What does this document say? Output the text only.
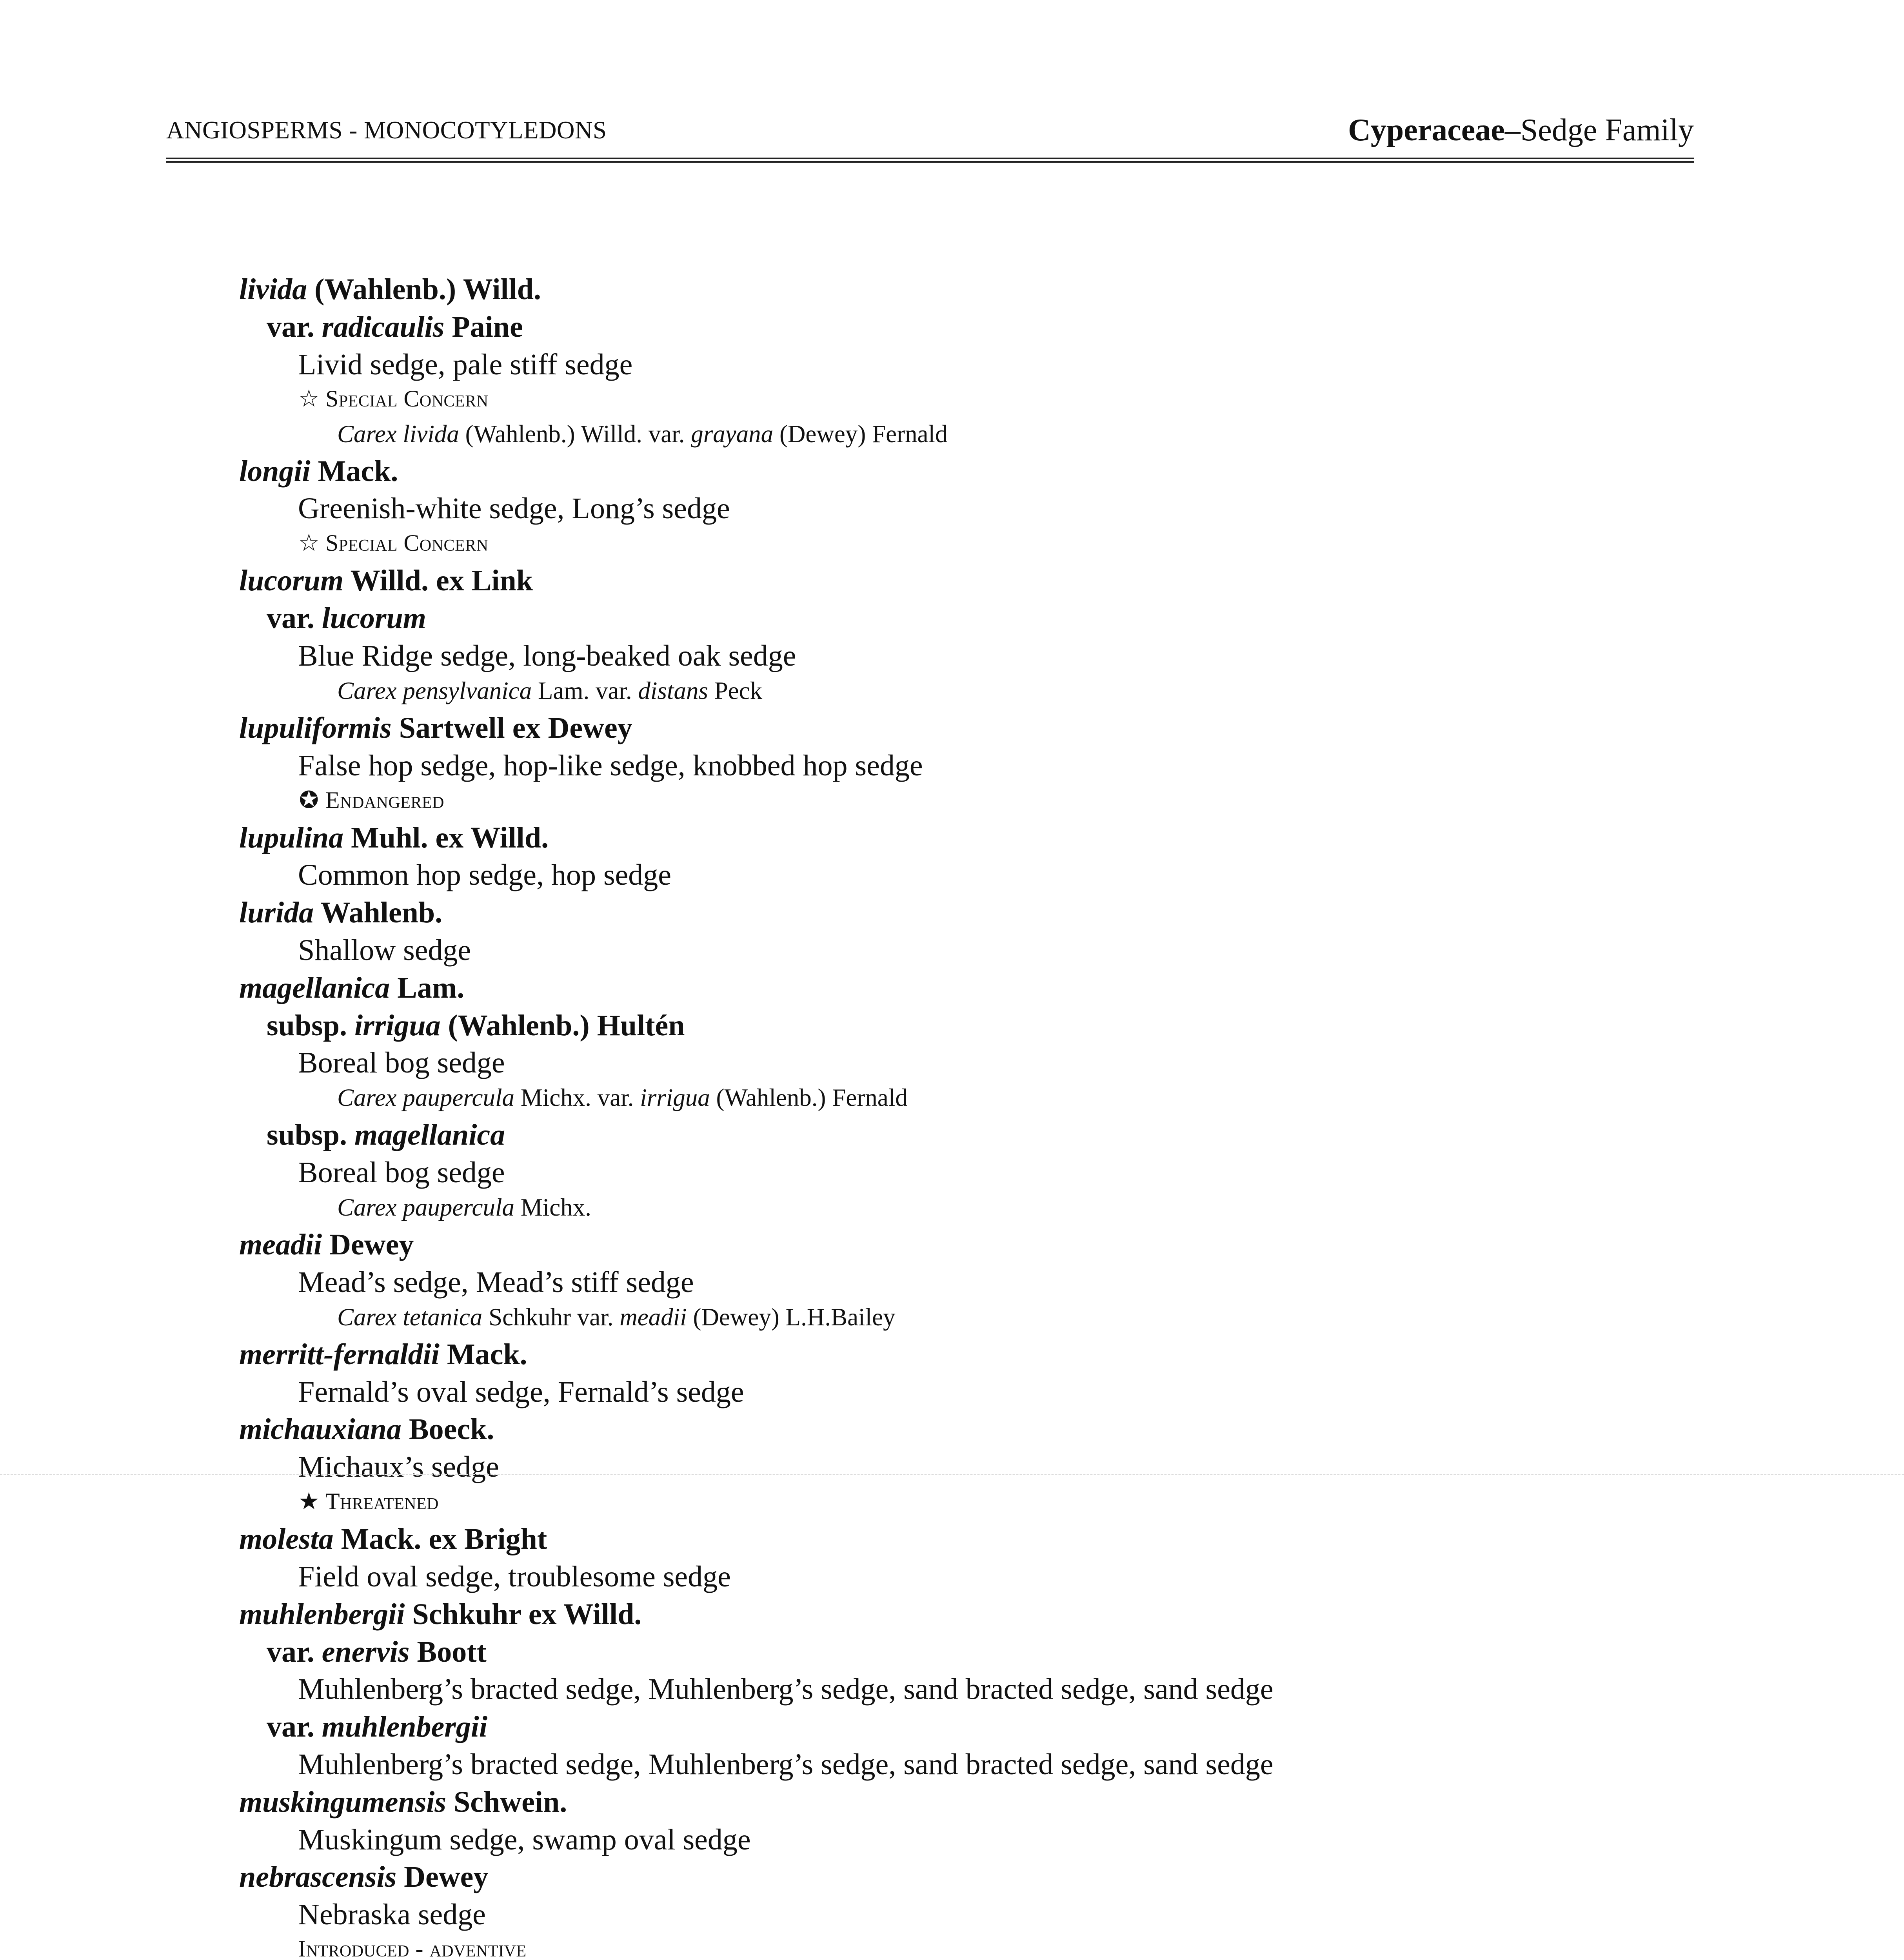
ANGIOSPERMS - MONOCOTYLEDONS	Cyperaceae–Sedge Family
livida (Wahlenb.) Willd.
var. radicaulis Paine
Livid sedge, pale stiff sedge
☆ Special Concern
Carex livida (Wahlenb.) Willd. var. grayana (Dewey) Fernald
longii Mack.
Greenish-white sedge, Long’s sedge
☆ Special Concern
lucorum Willd. ex Link
var. lucorum
Blue Ridge sedge, long-beaked oak sedge
Carex pensylvanica Lam. var. distans Peck
lupuliformis Sartwell ex Dewey
False hop sedge, hop-like sedge, knobbed hop sedge
✪ Endangered
lupulina Muhl. ex Willd.
Common hop sedge, hop sedge
lurida Wahlenb.
Shallow sedge
magellanica Lam.
subsp. irrigua (Wahlenb.) Hultén
Boreal bog sedge
Carex paupercula Michx. var. irrigua (Wahlenb.) Fernald
subsp. magellanica
Boreal bog sedge
Carex paupercula Michx.
meadii Dewey
Mead’s sedge, Mead’s stiff sedge
Carex tetanica Schkuhr var. meadii (Dewey) L.H.Bailey
merritt-fernaldii Mack.
Fernald’s oval sedge, Fernald’s sedge
michauxiana Boeck.
Michaux’s sedge
★ Threatened
molesta Mack. ex Bright
Field oval sedge, troublesome sedge
muhlenbergii Schkuhr ex Willd.
var. enervis Boott
Muhlenberg’s bracted sedge, Muhlenberg’s sedge, sand bracted sedge, sand sedge
var. muhlenbergii
Muhlenberg’s bracted sedge, Muhlenberg’s sedge, sand bracted sedge, sand sedge
muskingumensis Schwein.
Muskingum sedge, swamp oval sedge
nebrascensis Dewey
Nebraska sedge
Introduced - adventive
